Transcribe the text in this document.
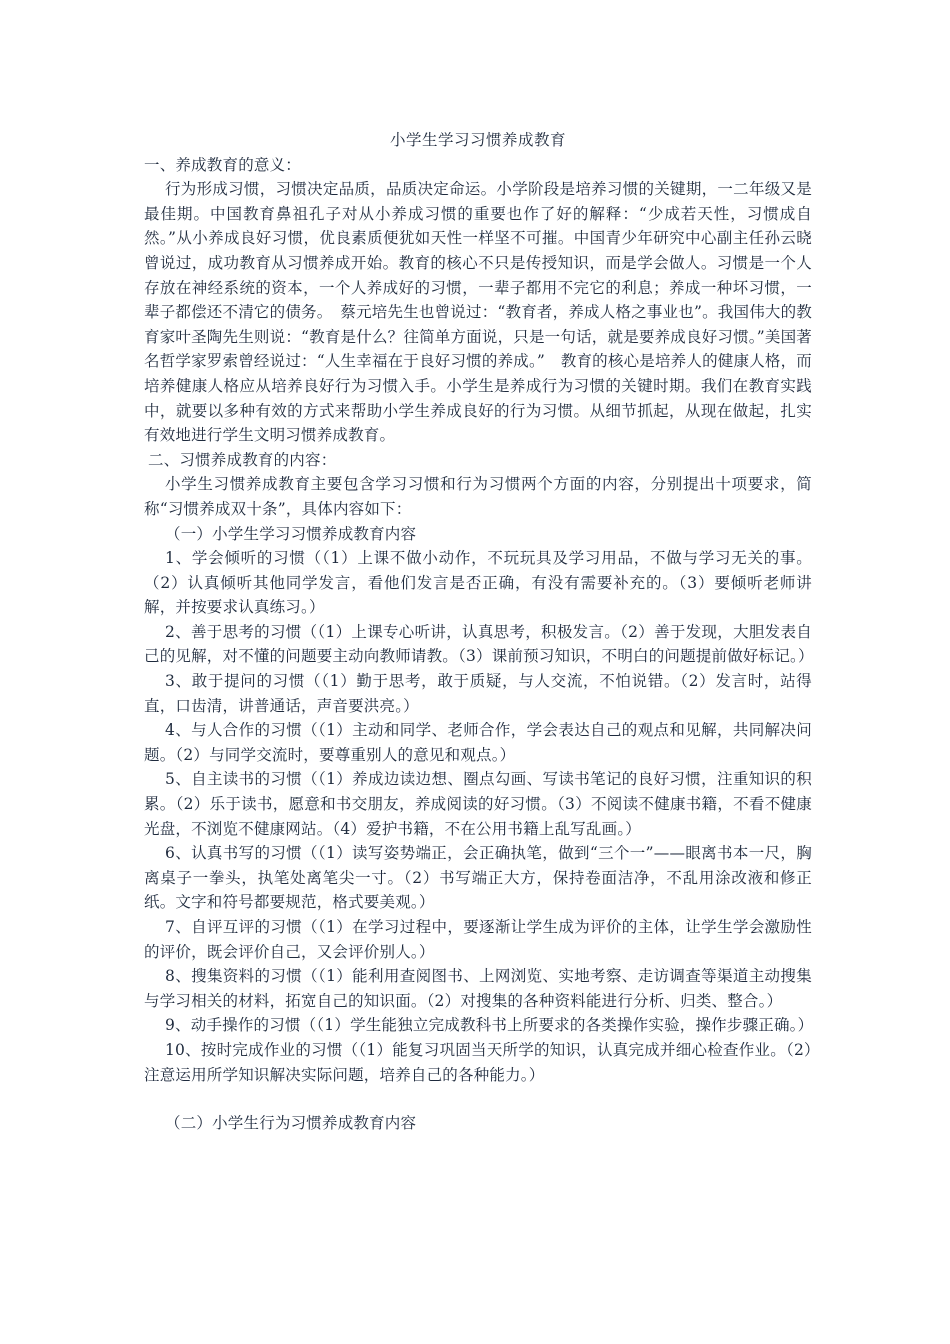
小学生学习习惯养成教育
一、养成教育的意义：

行为形成习惯，习惯决定品质，品质决定命运。小学阶段是培养习惯的关键期，一二年级又是最佳期。中国教育鼻祖孔子对从小养成习惯的重要也作了好的解释：“少成若天性，习惯成自然。”从小养成良好习惯，优良素质便犹如天性一样坚不可摧。中国青少年研究中心副主任孙云晓曾说过，成功教育从习惯养成开始。教育的核心不只是传授知识，而是学会做人。习惯是一个人存放在神经系统的资本，一个人养成好的习惯，一辈子都用不完它的利息；养成一种坏习惯，一辈子都偿还不清它的债务。　蔡元培先生也曾说过：“教育者，养成人格之事业也”。我国伟大的教育家叶圣陶先生则说：“教育是什么？往简单方面说，只是一句话，就是要养成良好习惯。”美国著名哲学家罗索曾经说过：“人生幸福在于良好习惯的养成。”　教育的核心是培养人的健康人格，而培养健康人格应从培养良好行为习惯入手。小学生是养成行为习惯的关键时期。我们在教育实践中，就要以多种有效的方式来帮助小学生养成良好的行为习惯。从细节抓起，从现在做起，扎实有效地进行学生文明习惯养成教育。

二、习惯养成教育的内容：

小学生习惯养成教育主要包含学习习惯和行为习惯两个方面的内容，分别提出十项要求，简称“习惯养成双十条”，具体内容如下：

（一）小学生学习习惯养成教育内容

1、学会倾听的习惯（（1）上课不做小动作，不玩玩具及学习用品，不做与学习无关的事。（2）认真倾听其他同学发言，看他们发言是否正确，有没有需要补充的。（3）要倾听老师讲解，并按要求认真练习。）

2、善于思考的习惯（（1）上课专心听讲，认真思考，积极发言。（2）善于发现，大胆发表自己的见解，对不懂的问题要主动向教师请教。（3）课前预习知识，不明白的问题提前做好标记。）

3、敢于提问的习惯（（1）勤于思考，敢于质疑，与人交流，不怕说错。（2）发言时，站得直，口齿清，讲普通话，声音要洪亮。）

4、与人合作的习惯（（1）主动和同学、老师合作，学会表达自己的观点和见解，共同解决问题。（2）与同学交流时，要尊重别人的意见和观点。）

5、自主读书的习惯（（1）养成边读边想、圈点勾画、写读书笔记的良好习惯，注重知识的积累。（2）乐于读书，愿意和书交朋友，养成阅读的好习惯。（3）不阅读不健康书籍，不看不健康光盘，不浏览不健康网站。（4）爱护书籍，不在公用书籍上乱写乱画。）

6、认真书写的习惯（（1）读写姿势端正，会正确执笔，做到“三个一”——眼离书本一尺，胸离桌子一拳头，执笔处离笔尖一寸。（2）书写端正大方，保持卷面洁净，不乱用涂改液和修正纸。文字和符号都要规范，格式要美观。）

7、自评互评的习惯（（1）在学习过程中，要逐渐让学生成为评价的主体，让学生学会激励性的评价，既会评价自己，又会评价别人。）

8、搜集资料的习惯（（1）能利用查阅图书、上网浏览、实地考察、走访调查等渠道主动搜集与学习相关的材料，拓宽自己的知识面。（2）对搜集的各种资料能进行分析、归类、整合。）

9、动手操作的习惯（（1）学生能独立完成教科书上所要求的各类操作实验，操作步骤正确。）

10、按时完成作业的习惯（（1）能复习巩固当天所学的知识，认真完成并细心检查作业。（2）注意运用所学知识解决实际问题，培养自己的各种能力。）

（二）小学生行为习惯养成教育内容
